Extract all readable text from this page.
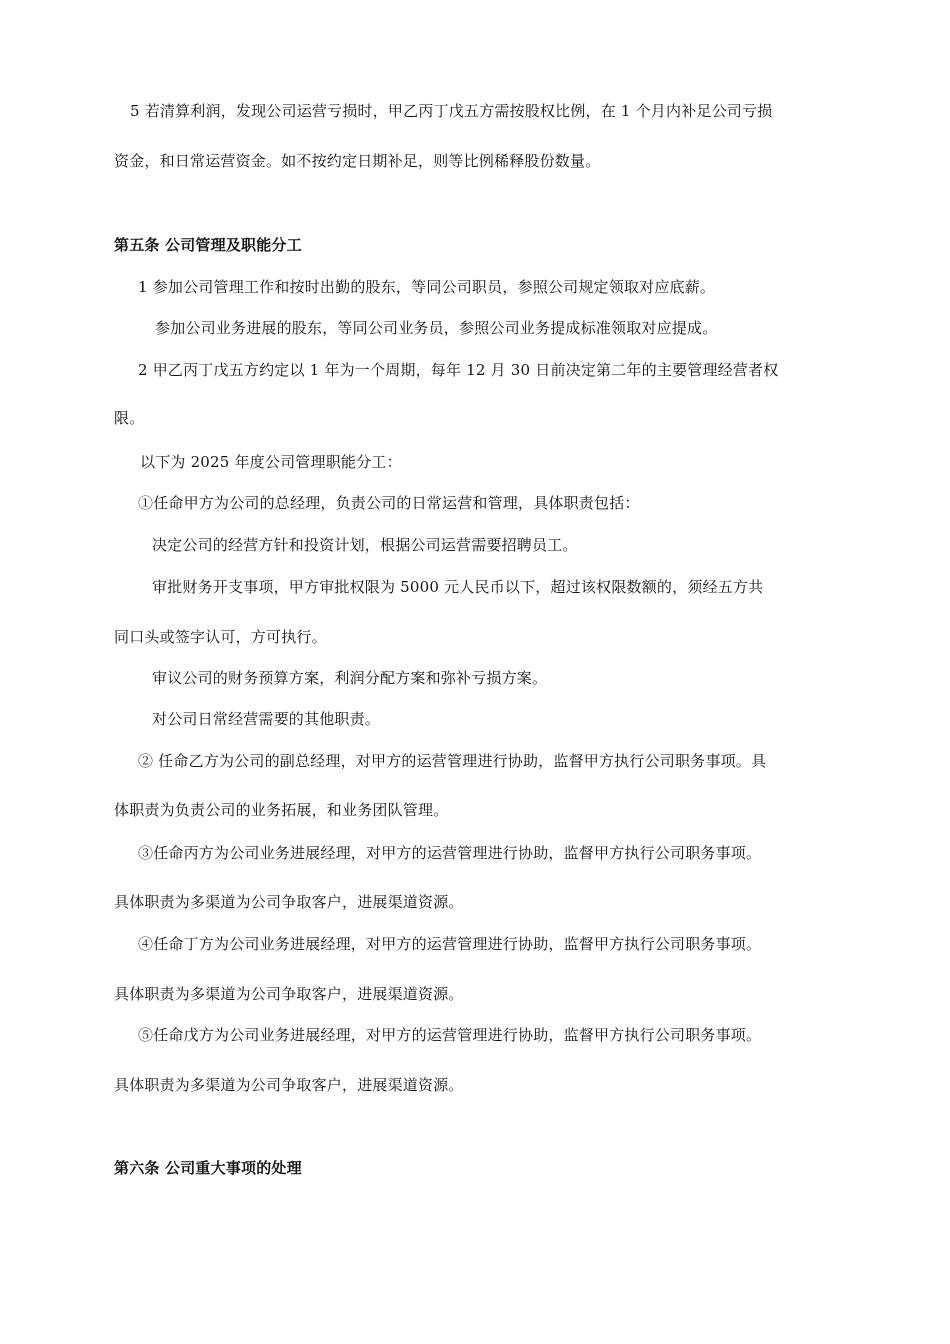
5 若清算利润，发现公司运营亏损时，甲乙丙丁戊五方需按股权比例，在 1 个月内补足公司亏损
资金，和日常运营资金。如不按约定日期补足，则等比例稀释股份数量。
第五条 公司管理及职能分工
1 参加公司管理工作和按时出勤的股东，等同公司职员，参照公司规定领取对应底薪。
参加公司业务进展的股东，等同公司业务员，参照公司业务提成标准领取对应提成。
2 甲乙丙丁戊五方约定以 1 年为一个周期，每年 12 月 30 日前决定第二年的主要管理经营者权
限。
以下为 2025 年度公司管理职能分工：
①任命甲方为公司的总经理，负责公司的日常运营和管理，具体职责包括：
决定公司的经营方针和投资计划，根据公司运营需要招聘员工。
审批财务开支事项，甲方审批权限为 5000 元人民币以下，超过该权限数额的，须经五方共
同口头或签字认可，方可执行。
审议公司的财务预算方案，利润分配方案和弥补亏损方案。
对公司日常经营需要的其他职责。
② 任命乙方为公司的副总经理，对甲方的运营管理进行协助，监督甲方执行公司职务事项。具
体职责为负责公司的业务拓展，和业务团队管理。
③任命丙方为公司业务进展经理，对甲方的运营管理进行协助，监督甲方执行公司职务事项。
具体职责为多渠道为公司争取客户，进展渠道资源。
④任命丁方为公司业务进展经理，对甲方的运营管理进行协助，监督甲方执行公司职务事项。
具体职责为多渠道为公司争取客户，进展渠道资源。
⑤任命戊方为公司业务进展经理，对甲方的运营管理进行协助，监督甲方执行公司职务事项。
具体职责为多渠道为公司争取客户，进展渠道资源。
第六条 公司重大事项的处理
